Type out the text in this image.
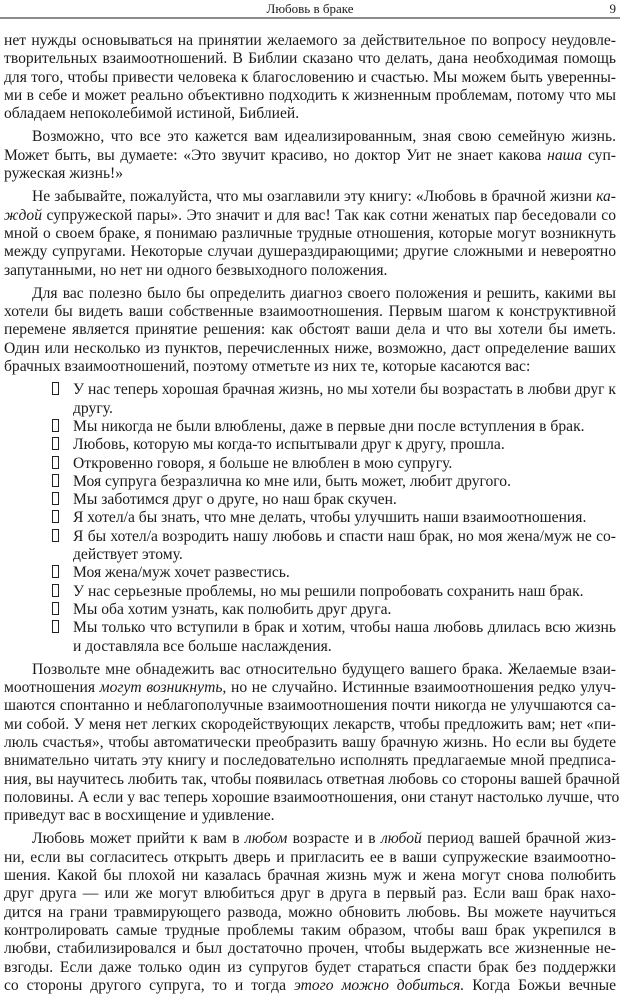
Любовь в браке	9
нет нужды основываться на принятии желаемого за действительное по вопросу неудовле-
творительных взаимоотношений. В Библии сказано что делать, дана необходимая помощь
для того, чтобы привести человека к благословению и счастью. Мы можем быть уверенны-
ми в себе и может реально объективно подходить к жизненным проблемам, потому что мы
обладаем непоколебимой истиной, Библией.
Возможно, что все это кажется вам идеализированным, зная свою семейную жизнь.
Может быть, вы думаете: «Это звучит красиво, но доктор Уит не знает какова наша суп-
ружеская жизнь!»
Не забывайте, пожалуйста, что мы озаглавили эту книгу: «Любовь в брачной жизни ка-
ждой супружеской пары». Это значит и для вас! Так как сотни женатых пар беседовали со
мной о своем браке, я понимаю различные трудные отношения, которые могут возникнуть
между супругами. Некоторые случаи душераздирающими; другие сложными и невероятно
запутанными, но нет ни одного безвыходного положения.
Для вас полезно было бы определить диагноз своего положения и решить, какими вы
хотели бы видеть ваши собственные взаимоотношения. Первым шагом к конструктивной
перемене является принятие решения: как обстоят ваши дела и что вы хотели бы иметь.
Один или несколько из пунктов, перечисленных ниже, возможно, даст определение ваших
брачных взаимоотношений, поэтому отметьте из них те, которые касаются вас:
У нас теперь хорошая брачная жизнь, но мы хотели бы возрастать в любви друг к
другу.
Мы никогда не были влюблены, даже в первые дни после вступления в брак.
Любовь, которую мы когда-то испытывали друг к другу, прошла.
Откровенно говоря, я больше не влюблен в мою супругу.
Моя супруга безразлична ко мне или, быть может, любит другого.
Мы заботимся друг о друге, но наш брак скучен.
Я хотел/а бы знать, что мне делать, чтобы улучшить наши взаимоотношения.
Я бы хотел/а возродить нашу любовь и спасти наш брак, но моя жена/муж не со-
действует этому.
Моя жена/муж хочет развестись.
У нас серьезные проблемы, но мы решили попробовать сохранить наш брак.
Мы оба хотим узнать, как полюбить друг друга.
Мы только что вступили в брак и хотим, чтобы наша любовь длилась всю жизнь
и доставляла все больше наслаждения.
Позвольте мне обнадежить вас относительно будущего вашего брака. Желаемые взаи-
моотношения могут возникнуть, но не случайно. Истинные взаимоотношения редко улуч-
шаются спонтанно и неблагополучные взаимоотношения почти никогда не улучшаются са-
ми собой. У меня нет легких скородействующих лекарств, чтобы предложить вам; нет «пи-
люль счастья», чтобы автоматически преобразить вашу брачную жизнь. Но если вы будете
внимательно читать эту книгу и последовательно исполнять предлагаемые мной предписа-
ния, вы научитесь любить так, чтобы появилась ответная любовь со стороны вашей брачной
половины. А если у вас теперь хорошие взаимоотношения, они станут настолько лучше, что
приведут вас в восхищение и удивление.
Любовь может прийти к вам в любом возрасте и в любой период вашей брачной жиз-
ни, если вы согласитесь открыть дверь и пригласить ее в ваши супружеские взаимоотно-
шения. Какой бы плохой ни казалась брачная жизнь муж и жена могут снова полюбить
друг друга — или же могут влюбиться друг в друга в первый раз. Если ваш брак нахо-
дится на грани травмирующего развода, можно обновить любовь. Вы можете научиться
контролировать самые трудные проблемы таким образом, чтобы ваш брак укрепился в
любви, стабилизировался и был достаточно прочен, чтобы выдержать все жизненные не-
взгоды. Если даже только один из супругов будет стараться спасти брак без поддержки
со стороны другого супруга, то и тогда этого можно добиться. Когда Божьи вечные
